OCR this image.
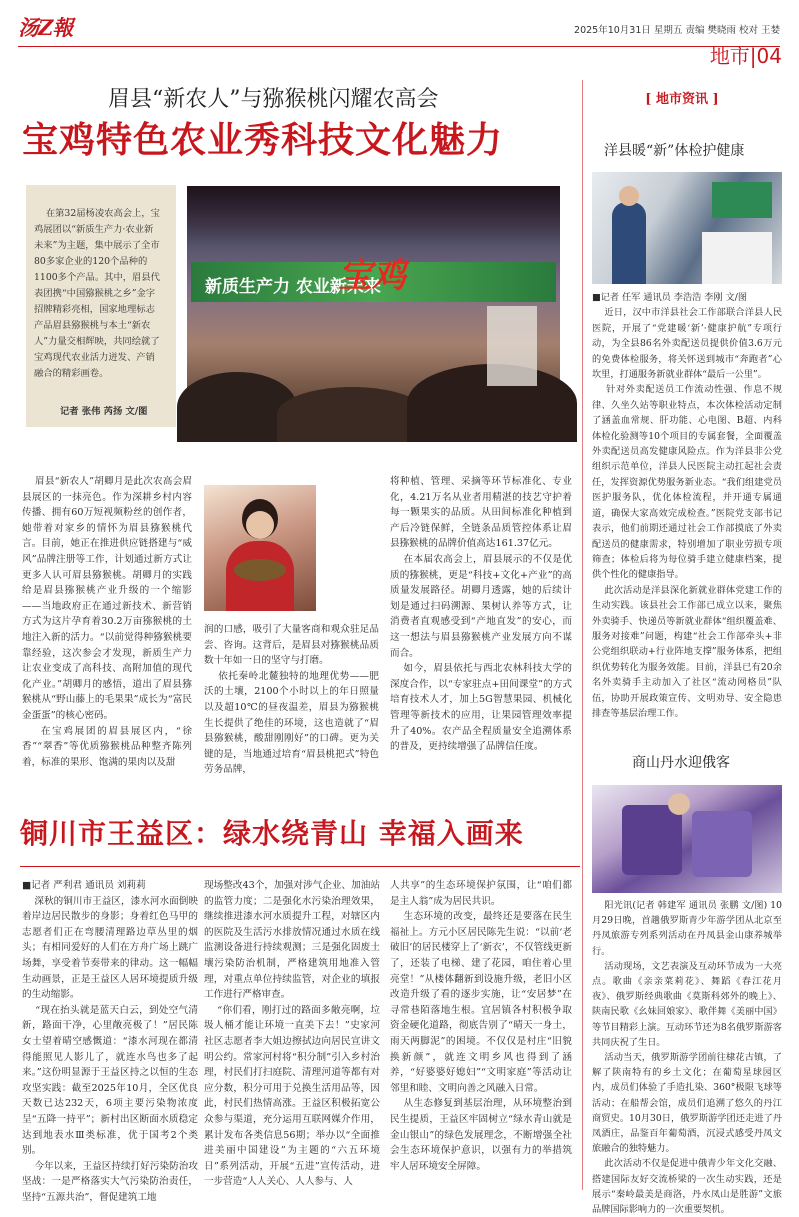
汤Z報	2025年10月31日 星期五 责编 樊晓雨 校对 王婪
地市|04
眉县“新农人”与猕猴桃闪耀农高会
宝鸡特色农业秀科技文化魅力
在第32届杨凌农高会上，宝鸡展团以“新质生产力·农业新未来”为主题，集中展示了全市80多家企业的120个品种的1100多个产品。其中，眉县代表团携“中国猕猴桃之乡”金字招牌精彩亮相，国家地理标志产品眉县猕猴桃与本土“新农人”力量交相辉映，共同绘就了宝鸡现代农业活力迸发、产销融合的精彩画卷。
记者 张伟 芮扬 文/图
新质生产力 农业新未来
宝鸡
眉县“新农人”胡卿月是此次农高会眉县展区的一抹亮色。作为深耕乡村内容传播、拥有60万短视频粉丝的创作者，她带着对家乡的情怀为眉县猕猴桃代言。目前，她正在推进供应链搭建与“威风”品牌注册等工作，计划通过新方式让更多人认可眉县猕猴桃。胡卿月的实践给是眉县猕猴桃产业升级的一个缩影——当地政府正在通过新技术、新营销方式为这片孕育着30.2万亩猕猴桃的土地注入新的活力。“以前觉得种猕猴桃要靠经验，这次参会才发现，新质生产力让农业变成了高科技、高附加值的现代化产业。”胡卿月的感悟，道出了眉县猕猴桃从“野山藤上的毛果果”成长为“富民金蛋蛋”的核心密码。
在宝鸡展团的眉县展区内，“徐香”“翠香”等优质猕猴桃品种整齐陈列着，标准的果形、饱满的果肉以及甜
润的口感，吸引了大量客商和观众驻足品尝、咨询。这背后，是眉县对猕猴桃品质数十年如一日的坚守与打磨。
依托秦岭北麓独特的地理优势——肥沃的土壤，2100个小时以上的年日照量以及超10℃的昼夜温差，眉县为猕猴桃生长提供了绝佳的环境，这也造就了“眉县猕猴桃，酸甜刚刚好”的口碑。更为关键的是，当地通过培育“眉县桃把式”特色劳务品牌，
将种植、管理、采摘等环节标准化、专业化，4.21万名从业者用精湛的技艺守护着每一颗果实的品质。从田间标准化种植到产后冷链保鲜，全链条品质管控体系让眉县猕猴桃的品牌价值高达161.37亿元。
在本届农高会上，眉县展示的不仅是优质的猕猴桃，更是“科技+文化+产业”的高质量发展路径。胡卿月透露，她的后续计划是通过扫码溯源、果树认养等方式，让消费者直观感受到“产地直发”的安心，而这一想法与眉县猕猴桃产业发展方向不谋而合。
如今，眉县依托与西北农林科技大学的深度合作，以“专家驻点+田间课堂”的方式培育技术人才，加上5G智慧果园、机械化管理等新技术的应用，让果园管理效率提升了40%。农产品全程质量安全追溯体系的普及，更持续增强了品牌信任度。
铜川市王益区：绿水绕青山 幸福入画来
■记者 严利君 通讯员 刘莉莉
深秋的铜川市王益区，漆水河水面倒映着岸边居民散步的身影；身着红色马甲的志愿者们正在弯腰清理路边草丛里的烟头；有相同爱好的人们在方舟广场上跳广场舞，享受着节奏带来的律动。这一幅幅生动画景，正是王益区人居环境提质升级的生动缩影。
“现在抬头就是蓝天白云，到处空气清新，路面干净，心里敞亮极了！”居民陈女士望着晴空感慨道：“漆水河现在都清得能照见人影儿了，就连水鸟也多了起来。”这份明显源于王益区持之以恒的生态攻坚实践：截至2025年10月，全区优良天数已达232天，6项主要污染物浓度呈“五降一持平”；新村出区断面水质稳定达到地表水Ⅲ类标准，优于国考2个类别。
今年以来，王益区持续打好污染防治攻坚战：一是严格落实大气污染防治责任，坚持“五源共治”，督促建筑工地
现场整改43个，加强对涉气企业、加油站的监管力度；二是强化水污染治理效果，继续推进漆水河水质提升工程，对辖区内的医院及生活污水排放情况通过水质在线监测设备进行持续观测；三是强化固废土壤污染防治机制，严格建筑用地准入管理，对重点单位持续监管，对企业的填报工作进行严格审查。
“你们看，刚打过的路面多敞亮啊，垃圾人桶才能让环境一直美下去！”史家河社区志愿者李大姐边擦拭边向居民宣讲文明公约。常家河村将“积分制”引入乡村治理，村民们打扫庭院、清理河道等都有对应分数，积分可用于兑换生活用品等，因此，村民们热情高涨。王益区积极拓宽公众参与渠道，充分运用互联网媒介作用，累计发布各类信息56期；举办以“全面推进美丽中国建设”为主题的“六五环境日”系列活动，开展“五进”宣传活动，进一步营造“人人关心、人人参与、人
人共享”的生态环境保护氛围，让“咱们都是主人翁”成为居民共识。
生态环境的改变，最终还是要落在民生福祉上。方元小区居民陈先生说：“以前‘老破旧’的居民楼穿上了‘新衣’，不仅管线更新了，还装了电梯、建了花园，咱住着心里亮堂！”从楼体翻新到设施升级，老旧小区改造升级了看的逐步实施，让“安居梦”在寻常巷陌落地生根。宜居镇各村积极争取资金硬化道路，彻底告别了“晴天一身土，雨天两脚泥”的困境。不仅仅是村庄“旧貌换新颜”，就连文明乡风也得到了涵养，“好婆婆好媳妇”“文明家庭”等活动让邻里和睦、文明向善之风融入日常。
从生态修复到基层治理，从环境整治到民生提质，王益区牢固树立“绿水青山就是金山银山”的绿色发展理念，不断增强全社会生态环境保护意识，以强有力的举措筑牢人居环境安全屏障。
[ 地市资讯 ]
洋县暖“新”体检护健康
■记者 任军 通讯员 李浩浩 李刚 文/图
近日，汉中市洋县社会工作部联合洋县人民医院，开展了“党建暖‘新’·健康护航”专项行动，为全县86名外卖配送员提供价值3.6万元的免费体检服务，将关怀送到城市“奔跑者”心坎里，打通服务新就业群体“最后一公里”。
针对外卖配送员工作流动性强、作息不规律、久坐久站等职业特点，本次体检活动定制了涵盖血常规、肝功能、心电图、B超、内科体检化验测等10个项目的专属套餐，全面覆盖外卖配送员高发健康风险点。作为洋县非公党组织示范单位，洋县人民医院主动扛起社会责任，发挥资源优势服务新业态。“我们组建党员医护服务队，优化体检流程，并开通专属通道，确保大家高效完成检查。”医院党支部书记表示，他们前期还通过社会工作部摸底了外卖配送员的健康需求，特别增加了职业劳损专项筛查；体检后将为每位骑手建立健康档案，提供个性化的健康指导。
此次活动是洋县深化新就业群体党建工作的生动实践。该县社会工作部已成立以来，聚焦外卖骑手、快递员等新就业群体“组织覆盖难、服务对接难”问题，构建“社会工作部牵头+非公党组织联动+行业阵地支撑”服务体系，把组织优势转化为服务效能。目前，洋县已有20余名外卖骑手主动加入了社区“流动网格员”队伍，协助开展政策宣传、文明劝导、安全隐患排查等基层治理工作。
商山丹水迎俄客
阳光讯(记者 韩建军 通讯员 张鹏 文/图) 10月29日晚，首趟俄罗斯青少年游学团从北京至丹凤旅游专列系列活动在丹凤县金山康养城举行。
活动现场，文艺表演及互动环节成为一大亮点。歌曲《亲亲菜莉花》、舞蹈《春江花月夜》、俄罗斯经典歌曲《莫斯科郊外的晚上》、陕南民歌《幺妹回娘家》、歌伴舞《美丽中国》等节目精彩上演。互动环节还为8名俄罗斯游客共同庆祝了生日。
活动当天，俄罗斯游学团前往棣花古镇，了解了陕南特有的乡土文化；在葡萄星球园区内，成员们体验了手造扎染、360°极限飞球等活动；在船帮会馆，成员们追溯了悠久的丹江商贸史。10月30日，俄罗斯游学团还走进了丹凤酒庄，品鉴百年葡萄酒，沉浸式感受丹凤文旅融合的独特魅力。
此次活动不仅是促进中俄青少年文化交融、搭建国际友好交流桥梁的一次生动实践，还是展示“秦岭最美是商洛，丹水凤山是胜游”文旅品牌国际影响力的一次重要契机。
